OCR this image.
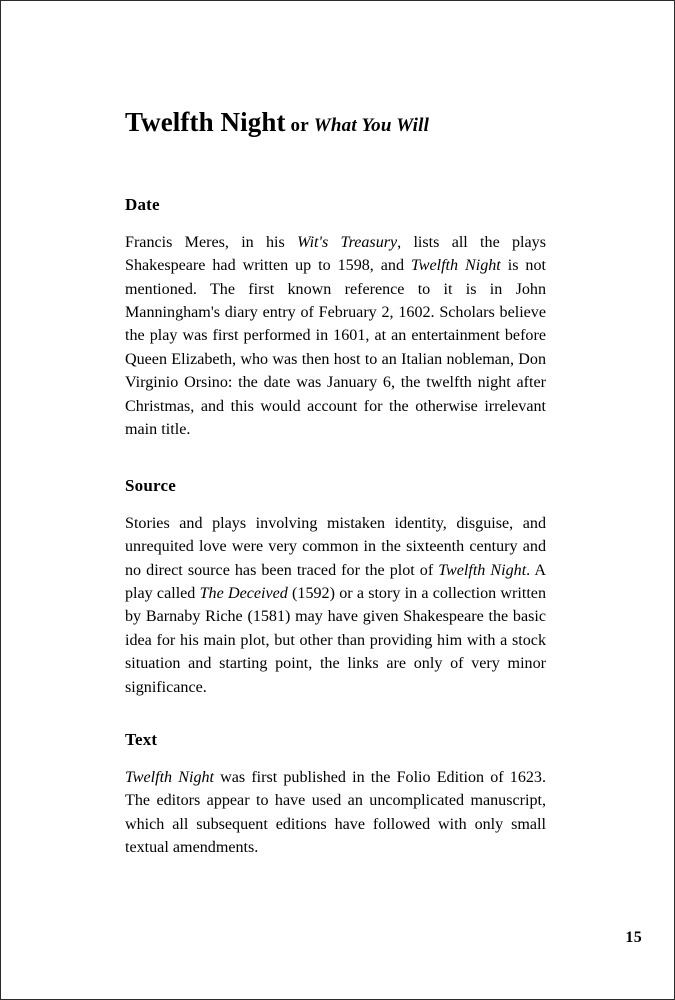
Twelfth Night or What You Will
Date

Francis Meres, in his Wit's Treasury, lists all the plays Shakespeare had written up to 1598, and Twelfth Night is not mentioned. The first known reference to it is in John Manningham's diary entry of February 2, 1602. Scholars believe the play was first performed in 1601, at an entertainment before Queen Elizabeth, who was then host to an Italian nobleman, Don Virginio Orsino: the date was January 6, the twelfth night after Christmas, and this would account for the otherwise irrelevant main title.

Source

Stories and plays involving mistaken identity, disguise, and unrequited love were very common in the sixteenth century and no direct source has been traced for the plot of Twelfth Night. A play called The Deceived (1592) or a story in a collection written by Barnaby Riche (1581) may have given Shakespeare the basic idea for his main plot, but other than providing him with a stock situation and starting point, the links are only of very minor significance.

Text

Twelfth Night was first published in the Folio Edition of 1623. The editors appear to have used an uncomplicated manuscript, which all subsequent editions have followed with only small textual amendments.

15
